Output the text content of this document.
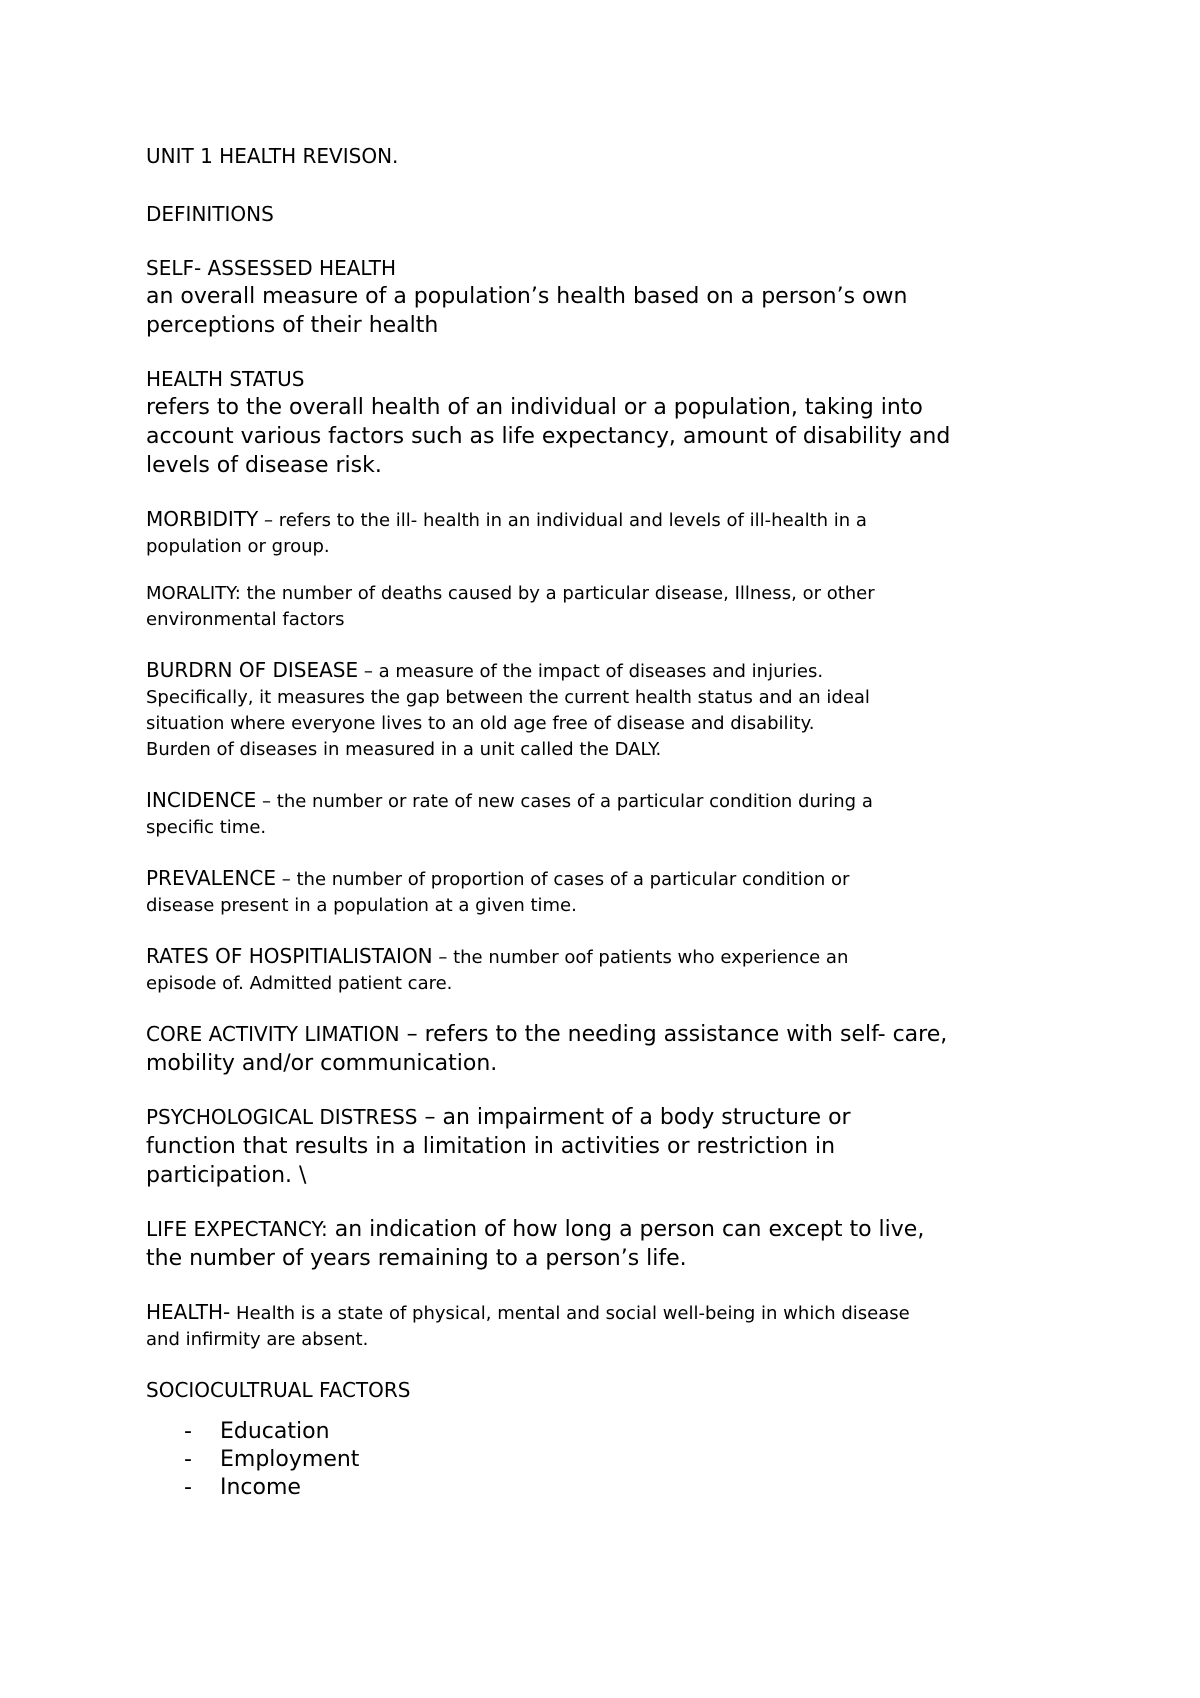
UNIT 1 HEALTH REVISON.
DEFINITIONS
SELF- ASSESSED HEALTH
an overall measure of a population’s health based on a person’s own
perceptions of their health
HEALTH STATUS
refers to the overall health of an individual or a population, taking into
account various factors such as life expectancy, amount of disability and
levels of disease risk.
MORBIDITY – refers to the ill- health in an individual and levels of ill-health in a
population or group.
MORALITY: the number of deaths caused by a particular disease, Illness, or other
environmental factors
BURDRN OF DISEASE – a measure of the impact of diseases and injuries.
Specifically, it measures the gap between the current health status and an ideal
situation where everyone lives to an old age free of disease and disability.
Burden of diseases in measured in a unit called the DALY.
INCIDENCE – the number or rate of new cases of a particular condition during a
specific time.
PREVALENCE – the number of proportion of cases of a particular condition or
disease present in a population at a given time.
RATES OF HOSPITIALISTAION – the number oof patients who experience an
episode of. Admitted patient care.
CORE ACTIVITY LIMATION – refers to the needing assistance with self- care,
mobility and/or communication.
PSYCHOLOGICAL DISTRESS – an impairment of a body structure or
function that results in a limitation in activities or restriction in
participation. \
LIFE EXPECTANCY: an indication of how long a person can except to live,
the number of years remaining to a person’s life.
HEALTH- Health is a state of physical, mental and social well-being in which disease
and infirmity are absent.
SOCIOCULTRUAL FACTORS
-	Education
-	Employment
-	Income
